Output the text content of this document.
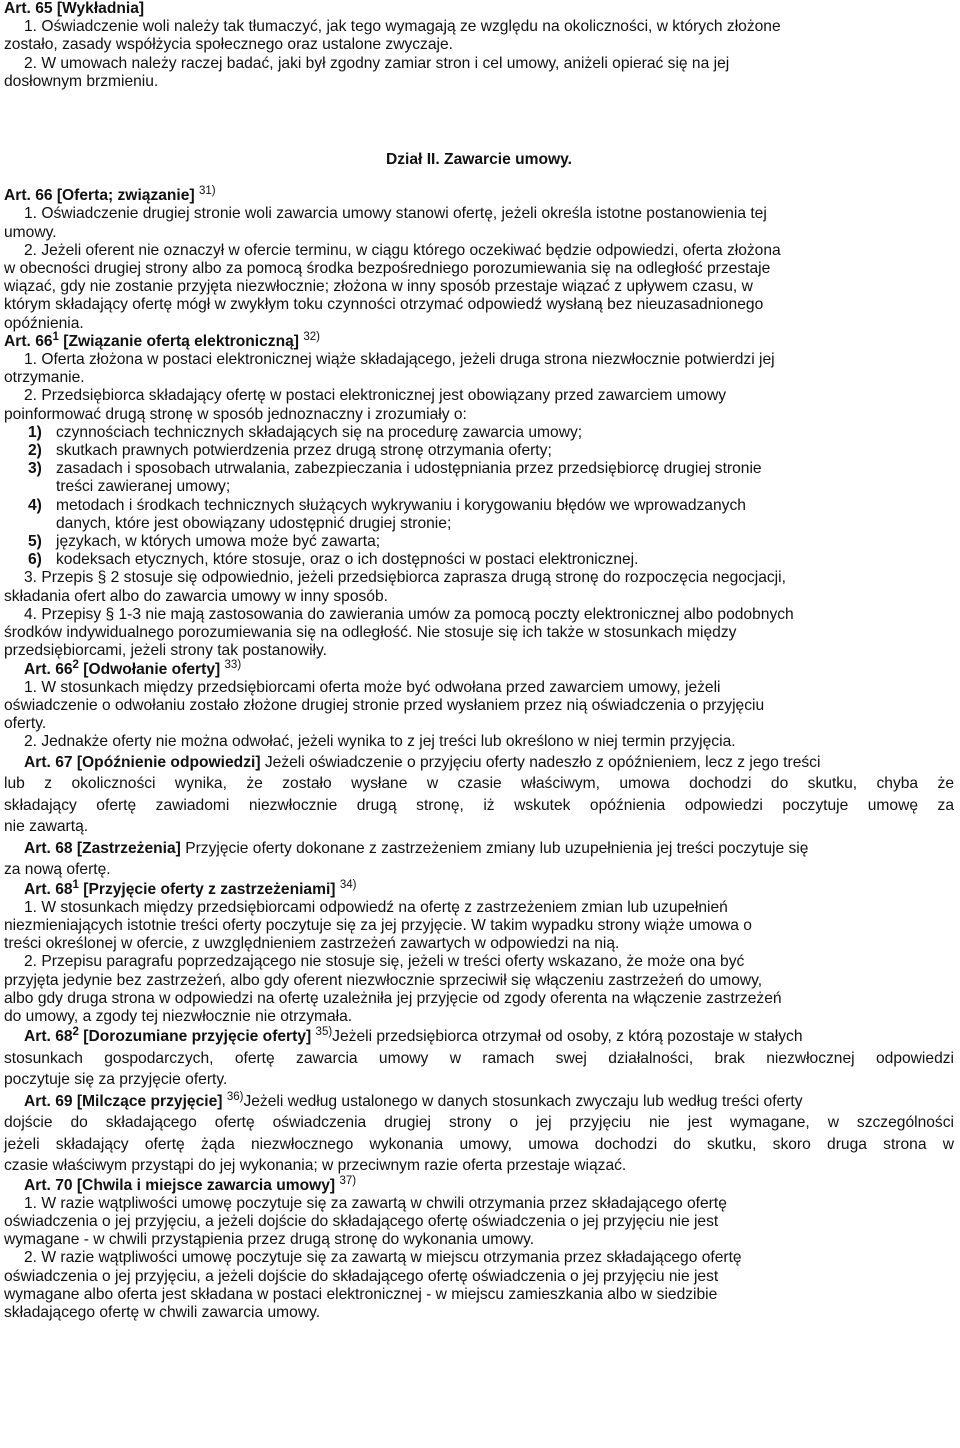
Art. 65 [Wykładnia]
1. Oświadczenie woli należy tak tłumaczyć, jak tego wymagają ze względu na okoliczności, w których złożone
zostało, zasady współżycia społecznego oraz ustalone zwyczaje.
2. W umowach należy raczej badać, jaki był zgodny zamiar stron i cel umowy, aniżeli opierać się na jej
dosłownym brzmieniu.
Dział II. Zawarcie umowy.
Art. 66 [Oferta; związanie] $^{31)}$
1. Oświadczenie drugiej stronie woli zawarcia umowy stanowi ofertę, jeżeli określa istotne postanowienia tej
umowy.
2. Jeżeli oferent nie oznaczył w ofercie terminu, w ciągu którego oczekiwać będzie odpowiedzi, oferta złożona
w obecności drugiej strony albo za pomocą środka bezpośredniego porozumiewania się na odległość przestaje
wiązać, gdy nie zostanie przyjęta niezwłocznie; złożona w inny sposób przestaje wiązać z upływem czasu, w
którym składający ofertę mógł w zwykłym toku czynności otrzymać odpowiedź wysłaną bez nieuzasadnionego
opóźnienia.
Art. $66^1$ [Związanie ofertą elektroniczną] $^{32)}$
1. Oferta złożona w postaci elektronicznej wiąże składającego, jeżeli druga strona niezwłocznie potwierdzi jej
otrzymanie.
2. Przedsiębiorca składający ofertę w postaci elektronicznej jest obowiązany przed zawarciem umowy
poinformować drugą stronę w sposób jednoznaczny i zrozumiały o:
1) czynnościach technicznych składających się na procedurę zawarcia umowy;
2) skutkach prawnych potwierdzenia przez drugą stronę otrzymania oferty;
3) zasadach i sposobach utrwalania, zabezpieczania i udostępniania przez przedsiębiorcę drugiej stronie
treści zawieranej umowy;
4) metodach i środkach technicznych służących wykrywaniu i korygowaniu błędów we wprowadzanych
danych, które jest obowiązany udostępnić drugiej stronie;
5) językach, w których umowa może być zawarta;
6) kodeksach etycznych, które stosuje, oraz o ich dostępności w postaci elektronicznej.
3. Przepis § 2 stosuje się odpowiednio, jeżeli przedsiębiorca zaprasza drugą stronę do rozpoczęcia negocjacji,
składania ofert albo do zawarcia umowy w inny sposób.
4. Przepisy § 1-3 nie mają zastosowania do zawierania umów za pomocą poczty elektronicznej albo podobnych
środków indywidualnego porozumiewania się na odległość. Nie stosuje się ich także w stosunkach między
przedsiębiorcami, jeżeli strony tak postanowiły.
Art. $66^2$ [Odwołanie oferty] $^{33)}$
1. W stosunkach między przedsiębiorcami oferta może być odwołana przed zawarciem umowy, jeżeli
oświadczenie o odwołaniu zostało złożone drugiej stronie przed wysłaniem przez nią oświadczenia o przyjęciu
oferty.
2. Jednakże oferty nie można odwołać, jeżeli wynika to z jej treści lub określono w niej termin przyjęcia.
Art. 67 [Opóźnienie odpowiedzi] Jeżeli oświadczenie o przyjęciu oferty nadeszło z opóźnieniem, lecz z jego treści
lub z okoliczności wynika, że zostało wysłane w czasie właściwym, umowa dochodzi do skutku, chyba że
składający ofertę zawiadomi niezwłocznie drugą stronę, iż wskutek opóźnienia odpowiedzi poczytuje umowę za
nie zawartą.
Art. 68 [Zastrzeżenia] Przyjęcie oferty dokonane z zastrzeżeniem zmiany lub uzupełnienia jej treści poczytuje się
za nową ofertę.
Art. $68^1$ [Przyjęcie oferty z zastrzeżeniami] $^{34)}$
1. W stosunkach między przedsiębiorcami odpowiedź na ofertę z zastrzeżeniem zmian lub uzupełnień
niezmieniających istotnie treści oferty poczytuje się za jej przyjęcie. W takim wypadku strony wiąże umowa o
treści określonej w ofercie, z uwzględnieniem zastrzeżeń zawartych w odpowiedzi na nią.
2. Przepisu paragrafu poprzedzającego nie stosuje się, jeżeli w treści oferty wskazano, że może ona być
przyjęta jedynie bez zastrzeżeń, albo gdy oferent niezwłocznie sprzeciwił się włączeniu zastrzeżeń do umowy,
albo gdy druga strona w odpowiedzi na ofertę uzależniła jej przyjęcie od zgody oferenta na włączenie zastrzeżeń
do umowy, a zgody tej niezwłocznie nie otrzymała.
Art. $68^2$ [Dorozumiane przyjęcie oferty] $^{35)}$Jeżeli przedsiębiorca otrzymał od osoby, z którą pozostaje w stałych
stosunkach gospodarczych, ofertę zawarcia umowy w ramach swej działalności, brak niezwłocznej odpowiedzi
poczytuje się za przyjęcie oferty.
Art. 69 [Milczące przyjęcie] $^{36)}$Jeżeli według ustalonego w danych stosunkach zwyczaju lub według treści oferty
dojście do składającego ofertę oświadczenia drugiej strony o jej przyjęciu nie jest wymagane, w szczególności
jeżeli składający ofertę żąda niezwłocznego wykonania umowy, umowa dochodzi do skutku, skoro druga strona w
czasie właściwym przystąpi do jej wykonania; w przeciwnym razie oferta przestaje wiązać.
Art. 70 [Chwila i miejsce zawarcia umowy] $^{37)}$
1. W razie wątpliwości umowę poczytuje się za zawartą w chwili otrzymania przez składającego ofertę
oświadczenia o jej przyjęciu, a jeżeli dojście do składającego ofertę oświadczenia o jej przyjęciu nie jest
wymagane - w chwili przystąpienia przez drugą stronę do wykonania umowy.
2. W razie wątpliwości umowę poczytuje się za zawartą w miejscu otrzymania przez składającego ofertę
oświadczenia o jej przyjęciu, a jeżeli dojście do składającego ofertę oświadczenia o jej przyjęciu nie jest
wymagane albo oferta jest składana w postaci elektronicznej - w miejscu zamieszkania albo w siedzibie
składającego ofertę w chwili zawarcia umowy.
